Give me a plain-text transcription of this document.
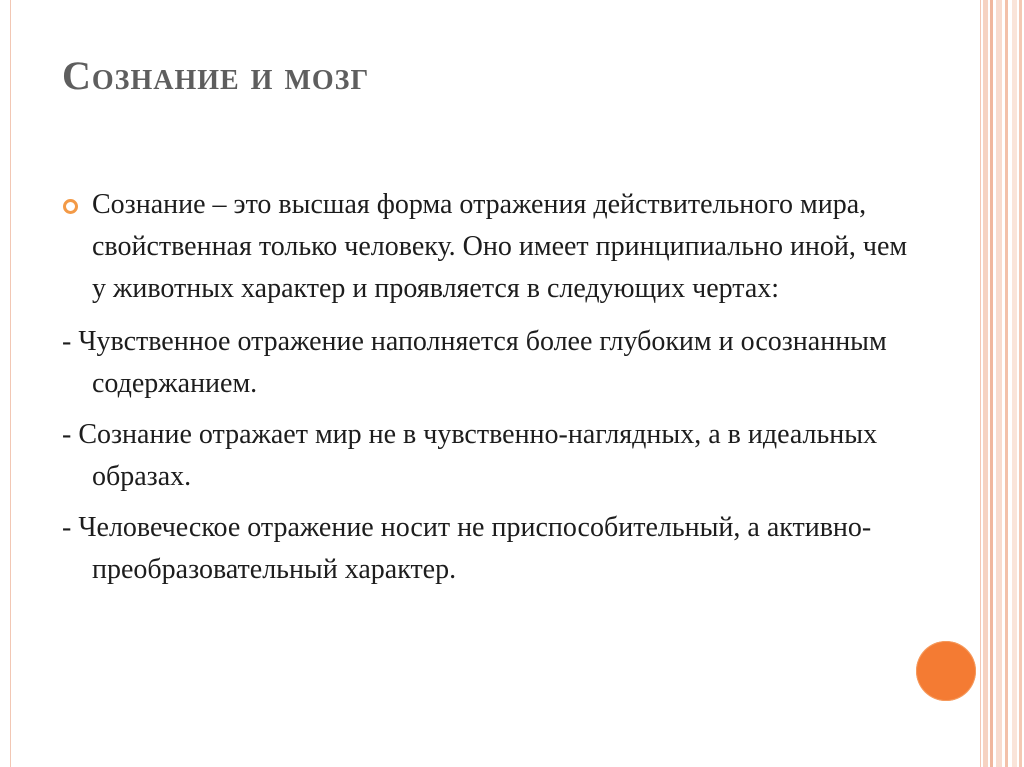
Сознание и мозг
Сознание – это высшая форма отражения действительного мира, свойственная только человеку. Оно имеет принципиально иной, чем у животных характер и проявляется в следующих чертах:
- Чувственное отражение наполняется более глубоким и осознанным содержанием.
- Сознание отражает мир не в чувственно-наглядных, а в идеальных образах.
- Человеческое отражение носит не приспособительный, а активно-преобразовательный характер.
